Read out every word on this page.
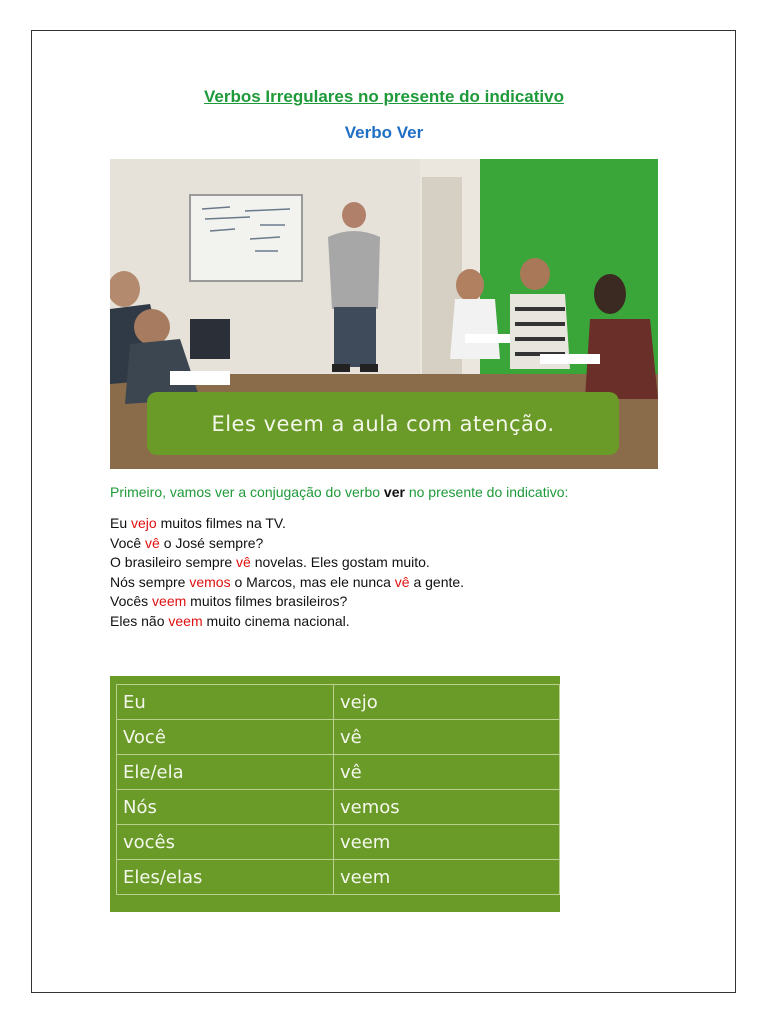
Verbos Irregulares no presente do indicativo
Verbo Ver
Eles veem a aula com atenção.
Primeiro, vamos ver a conjugação do verbo ver no presente do indicativo:
Eu vejo muitos filmes na TV.
Você vê o José sempre?
O brasileiro sempre vê novelas. Eles gostam muito.
Nós sempre vemos o Marcos, mas ele nunca vê a gente.
Vocês veem muitos filmes brasileiros?
Eles não veem muito cinema nacional.
Eu	vejo
Você	vê
Ele/ela	vê
Nós	vemos
vocês	veem
Eles/elas	veem
